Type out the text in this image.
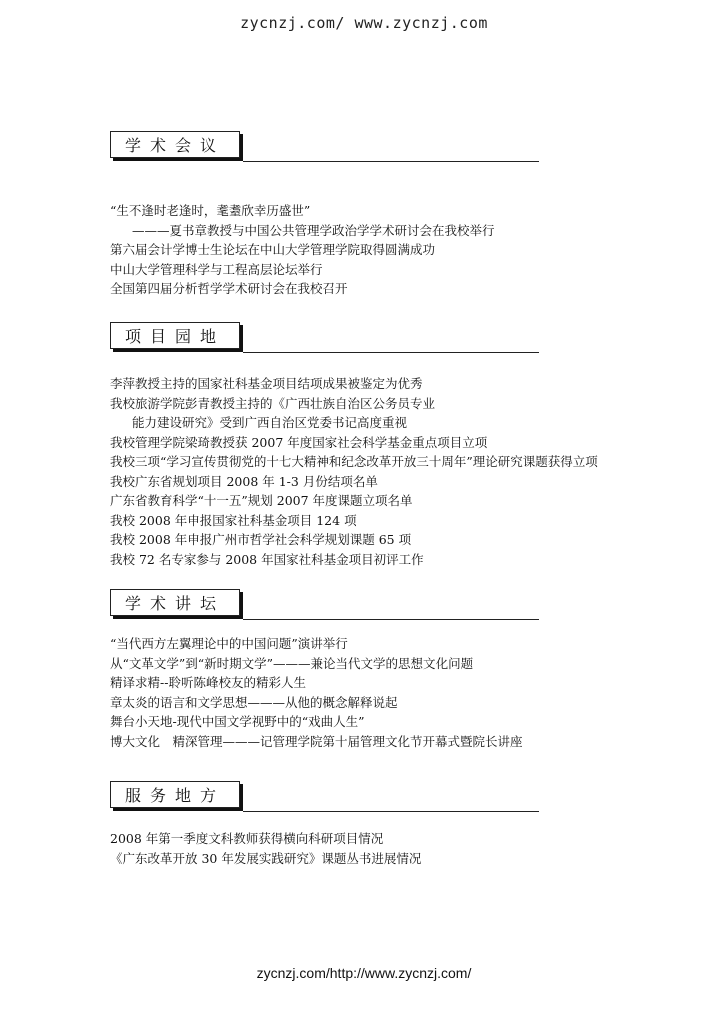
zycnzj.com/ www.zycnzj.com
学术会议
“生不逢时老逢时，耄耋欣幸历盛世”
———夏书章教授与中国公共管理学政治学学术研讨会在我校举行
第六届会计学博士生论坛在中山大学管理学院取得圆满成功
中山大学管理科学与工程高层论坛举行
全国第四届分析哲学学术研讨会在我校召开
项目园地
李萍教授主持的国家社科基金项目结项成果被鉴定为优秀
我校旅游学院彭青教授主持的《广西壮族自治区公务员专业
能力建设研究》受到广西自治区党委书记高度重视
我校管理学院梁琦教授获 2007 年度国家社会科学基金重点项目立项
我校三项“学习宣传贯彻党的十七大精神和纪念改革开放三十周年”理论研究课题获得立项
我校广东省规划项目 2008 年 1-3 月份结项名单
广东省教育科学“十一五”规划 2007 年度课题立项名单
我校 2008 年申报国家社科基金项目 124 项
我校 2008 年申报广州市哲学社会科学规划课题 65 项
我校 72 名专家参与 2008 年国家社科基金项目初评工作
学术讲坛
“当代西方左翼理论中的中国问题”演讲举行
从“文革文学”到“新时期文学”———兼论当代文学的思想文化问题
精译求精--聆听陈峰校友的精彩人生
章太炎的语言和文学思想———从他的概念解释说起
舞台小天地-现代中国文学视野中的“戏曲人生”
博大文化　精深管理———记管理学院第十届管理文化节开幕式暨院长讲座
服务地方
2008 年第一季度文科教师获得横向科研项目情况
《广东改革开放 30 年发展实践研究》课题丛书进展情况
zycnzj.com/http://www.zycnzj.com/
